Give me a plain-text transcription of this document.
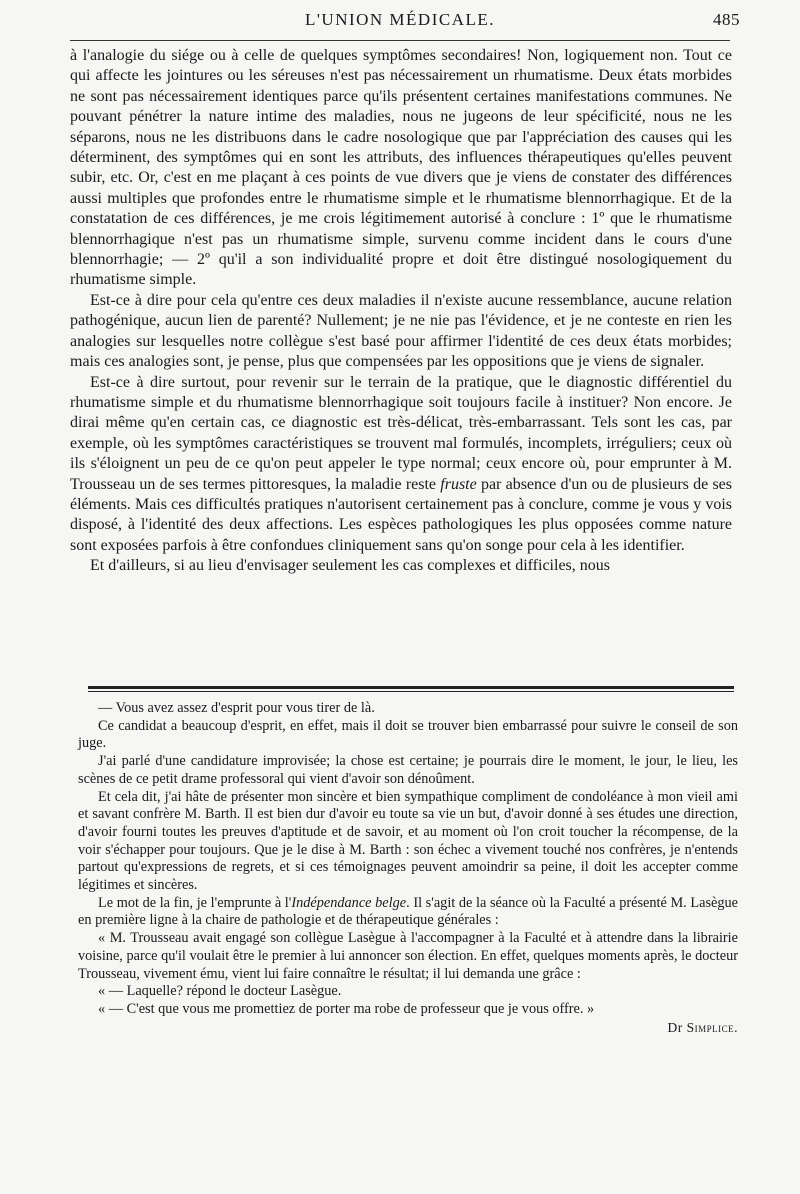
L'UNION MÉDICALE.	485

à l'analogie du siége ou à celle de quelques symptômes secondaires! Non, logiquement non. Tout ce qui affecte les jointures ou les séreuses n'est pas nécessairement un rhumatisme. Deux états morbides ne sont pas nécessairement identiques parce qu'ils présentent certaines manifestations communes. Ne pouvant pénétrer la nature intime des maladies, nous ne jugeons de leur spécificité, nous ne les séparons, nous ne les distribuons dans le cadre nosologique que par l'appréciation des causes qui les déterminent, des symptômes qui en sont les attributs, des influences thérapeutiques qu'elles peuvent subir, etc. Or, c'est en me plaçant à ces points de vue divers que je viens de constater des différences aussi multiples que profondes entre le rhumatisme simple et le rhumatisme blennorrhagique. Et de la constatation de ces différences, je me crois légitimement autorisé à conclure : 1º que le rhumatisme blennorrhagique n'est pas un rhumatisme simple, survenu comme incident dans le cours d'une blennorrhagie; — 2º qu'il a son individualité propre et doit être distingué nosologiquement du rhumatisme simple.

Est-ce à dire pour cela qu'entre ces deux maladies il n'existe aucune ressemblance, aucune relation pathogénique, aucun lien de parenté? Nullement; je ne nie pas l'évidence, et je ne conteste en rien les analogies sur lesquelles notre collègue s'est basé pour affirmer l'identité de ces deux états morbides; mais ces analogies sont, je pense, plus que compensées par les oppositions que je viens de signaler.

Est-ce à dire surtout, pour revenir sur le terrain de la pratique, que le diagnostic différentiel du rhumatisme simple et du rhumatisme blennorrhagique soit toujours facile à instituer? Non encore. Je dirai même qu'en certain cas, ce diagnostic est très-délicat, très-embarrassant. Tels sont les cas, par exemple, où les symptômes caractéristiques se trouvent mal formulés, incomplets, irréguliers; ceux où ils s'éloignent un peu de ce qu'on peut appeler le type normal; ceux encore où, pour emprunter à M. Trousseau un de ses termes pittoresques, la maladie reste fruste par absence d'un ou de plusieurs de ses éléments. Mais ces difficultés pratiques n'autorisent certainement pas à conclure, comme je vous y vois disposé, à l'identité des deux affections. Les espèces pathologiques les plus opposées comme nature sont exposées parfois à être confondues cliniquement sans qu'on songe pour cela à les identifier.

Et d'ailleurs, si au lieu d'envisager seulement les cas complexes et difficiles, nous

— Vous avez assez d'esprit pour vous tirer de là.

Ce candidat a beaucoup d'esprit, en effet, mais il doit se trouver bien embarrassé pour suivre le conseil de son juge.

J'ai parlé d'une candidature improvisée; la chose est certaine; je pourrais dire le moment, le jour, le lieu, les scènes de ce petit drame professoral qui vient d'avoir son dénoûment.

Et cela dit, j'ai hâte de présenter mon sincère et bien sympathique compliment de condoléance à mon vieil ami et savant confrère M. Barth. Il est bien dur d'avoir eu toute sa vie un but, d'avoir donné à ses études une direction, d'avoir fourni toutes les preuves d'aptitude et de savoir, et au moment où l'on croit toucher la récompense, de la voir s'échapper pour toujours. Que je le dise à M. Barth : son échec a vivement touché nos confrères, je n'entends partout qu'expressions de regrets, et si ces témoignages peuvent amoindrir sa peine, il doit les accepter comme légitimes et sincères.

Le mot de la fin, je l'emprunte à l'Indépendance belge. Il s'agit de la séance où la Faculté a présenté M. Lasègue en première ligne à la chaire de pathologie et de thérapeutique générales :

« M. Trousseau avait engagé son collègue Lasègue à l'accompagner à la Faculté et à attendre dans la librairie voisine, parce qu'il voulait être le premier à lui annoncer son élection. En effet, quelques moments après, le docteur Trousseau, vivement ému, vient lui faire connaître le résultat; il lui demanda une grâce :

« — Laquelle? répond le docteur Lasègue.

« — C'est que vous me promettiez de porter ma robe de professeur que je vous offre. »

Dr Simplice.
